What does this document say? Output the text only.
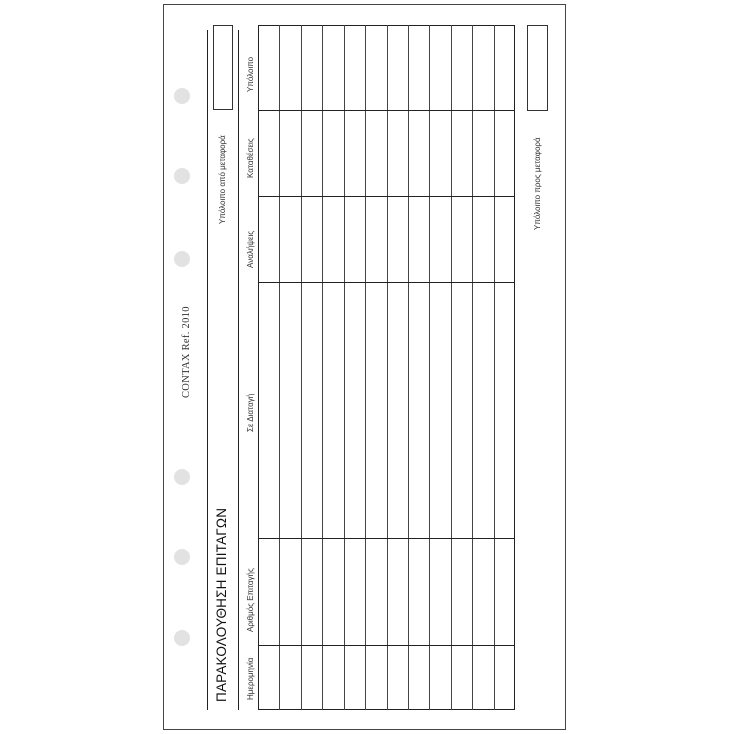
CONTAX Ref. 2010
ΠΑΡΑΚΟΛΟΥΘΗΣΗ ΕΠΙΤΑΓΩΝ
Υπόλοιπο από μεταφορά
Ημερομηνία
Αριθμός Επιταγής
Σε Διαταγή
Αναλήψεις
Καταθέσεις
Υπόλοιπο
Υπόλοιπο προς μεταφορά
